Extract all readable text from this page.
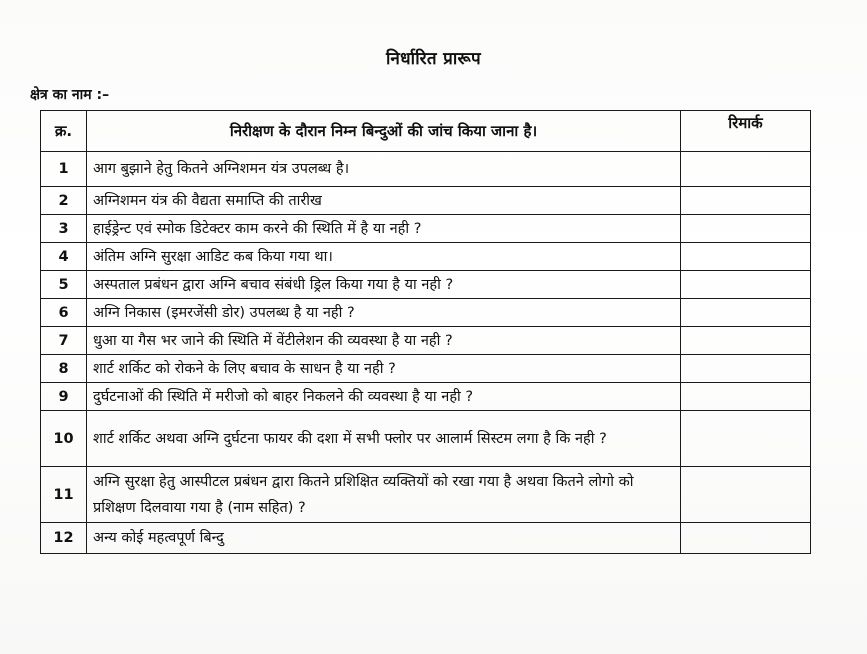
निर्धारित प्रारूप
क्षेत्र का नाम :–
क्र.	निरीक्षण के दौरान निम्न बिन्दुओं की जांच किया जाना है।	रिमार्क
1	आग बुझाने हेतु कितने अग्निशमन यंत्र उपलब्ध है।	
2	अग्निशमन यंत्र की वैद्यता समाप्ति की तारीख	
3	हाईड्रेन्ट एवं स्मोक डिटेक्टर काम करने की स्थिति में है या नही ?	
4	अंतिम अग्नि सुरक्षा आडिट कब किया गया था।	
5	अस्पताल प्रबंधन द्वारा अग्नि बचाव संबंधी ड्रिल किया गया है या नही ?	
6	अग्नि निकास (इमरजेंसी डोर) उपलब्ध है या नही ?	
7	धुआ या गैस भर जाने की स्थिति में वेंटीलेशन की व्यवस्था है या नही ?	
8	शार्ट शर्किट को रोकने के लिए बचाव के साधन है या नही ?	
9	दुर्घटनाओं की स्थिति में मरीजो को बाहर निकलने की व्यवस्था है या नही ?	
10	शार्ट शर्किट अथवा अग्नि दुर्घटना फायर की दशा में सभी फ्लोर पर आलार्म सिस्टम लगा है कि नही ?	
11	अग्नि सुरक्षा हेतु आस्पीटल प्रबंधन द्वारा कितने प्रशिक्षित व्यक्तियों को रखा गया है अथवा कितने लोगो को प्रशिक्षण दिलवाया गया है (नाम सहित) ?	
12	अन्य कोई महत्वपूर्ण बिन्दु	
